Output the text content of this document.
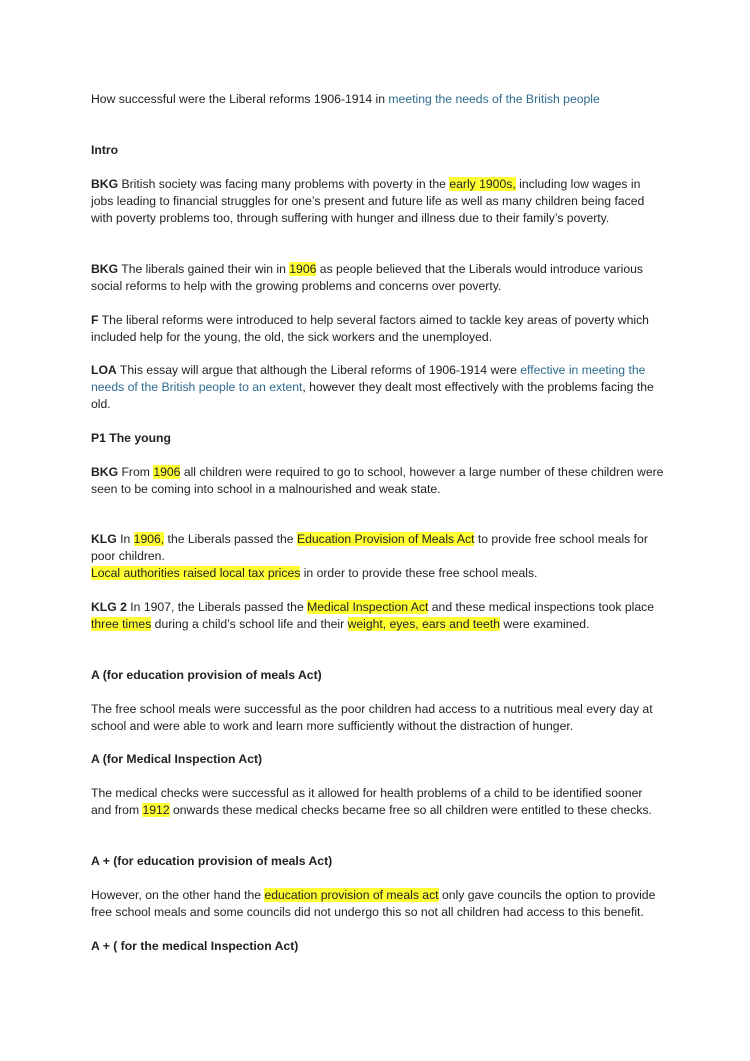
How successful were the Liberal reforms 1906-1914 in meeting the needs of the British people

Intro

BKG British society was facing many problems with poverty in the early 1900s, including low wages in jobs leading to financial struggles for one’s present and future life as well as many children being faced with poverty problems too, through suffering with hunger and illness due to their family’s poverty.

BKG The liberals gained their win in 1906 as people believed that the Liberals would introduce various social reforms to help with the growing problems and concerns over poverty.

F The liberal reforms were introduced to help several factors aimed to tackle key areas of poverty which included help for the young, the old, the sick workers and the unemployed.

LOA This essay will argue that although the Liberal reforms of 1906-1914 were effective in meeting the needs of the British people to an extent, however they dealt most effectively with the problems facing the old.

P1 The young

BKG From 1906 all children were required to go to school, however a large number of these children were seen to be coming into school in a malnourished and weak state.

KLG In 1906, the Liberals passed the Education Provision of Meals Act to provide free school meals for poor children.
Local authorities raised local tax prices in order to provide these free school meals.

KLG 2 In 1907, the Liberals passed the Medical Inspection Act and these medical inspections took place three times during a child’s school life and their weight, eyes, ears and teeth were examined.

A (for education provision of meals Act)

The free school meals were successful as the poor children had access to a nutritious meal every day at school and were able to work and learn more sufficiently without the distraction of hunger.

A (for Medical Inspection Act)

The medical checks were successful as it allowed for health problems of a child to be identified sooner and from 1912 onwards these medical checks became free so all children were entitled to these checks.

A + (for education provision of meals Act)

However, on the other hand the education provision of meals act only gave councils the option to provide free school meals and some councils did not undergo this so not all children had access to this benefit.

A + ( for the medical Inspection Act)
